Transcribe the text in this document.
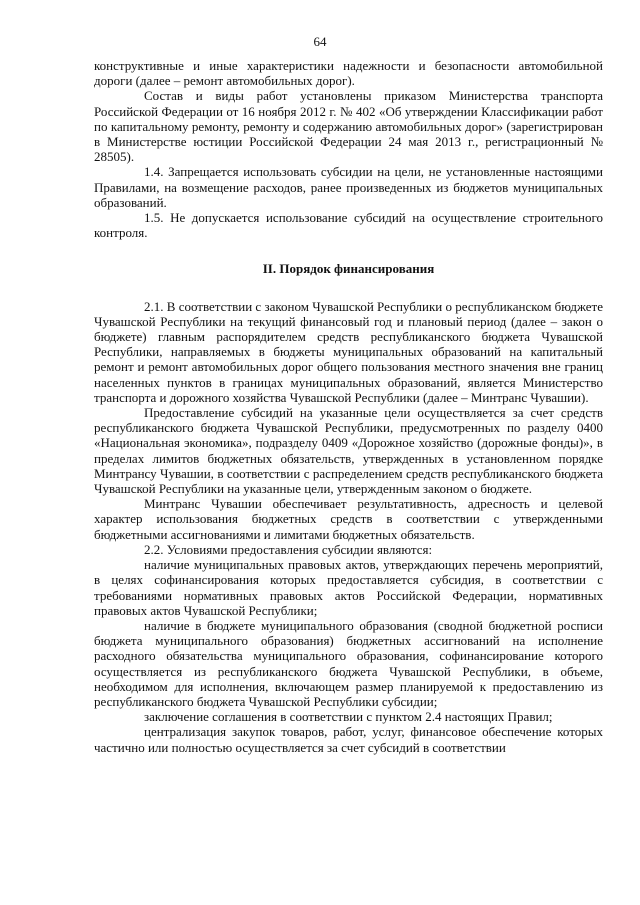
64

конструктивные и иные характеристики надежности и безопасности автомобильной дороги (далее – ремонт автомобильных дорог).

Состав и виды работ установлены приказом Министерства транспорта Российской Федерации от 16 ноября 2012 г. № 402 «Об утверждении Классификации работ по капитальному ремонту, ремонту и содержанию автомобильных дорог» (зарегистрирован в Министерстве юстиции Российской Федерации 24 мая 2013 г., регистрационный № 28505).

1.4. Запрещается использовать субсидии на цели, не установленные настоящими Правилами, на возмещение расходов, ранее произведенных из бюджетов муниципальных образований.

1.5. Не допускается использование субсидий на осуществление строительного контроля.

II. Порядок финансирования

2.1. В соответствии с законом Чувашской Республики о республиканском бюджете Чувашской Республики на текущий финансовый год и плановый период (далее – закон о бюджете) главным распорядителем средств республиканского бюджета Чувашской Республики, направляемых в бюджеты муниципальных образований на капитальный ремонт и ремонт автомобильных дорог общего пользования местного значения вне границ населенных пунктов в границах муниципальных образований, является Министерство транспорта и дорожного хозяйства Чувашской Республики (далее – Минтранс Чувашии).

Предоставление субсидий на указанные цели осуществляется за счет средств республиканского бюджета Чувашской Республики, предусмотренных по разделу 0400 «Национальная экономика», подразделу 0409 «Дорожное хозяйство (дорожные фонды)», в пределах лимитов бюджетных обязательств, утвержденных в установленном порядке Минтрансу Чувашии, в соответствии с распределением средств республиканского бюджета Чувашской Республики на указанные цели, утвержденным законом о бюджете.

Минтранс Чувашии обеспечивает результативность, адресность и целевой характер использования бюджетных средств в соответствии с утвержденными бюджетными ассигнованиями и лимитами бюджетных обязательств.

2.2. Условиями предоставления субсидии являются:

наличие муниципальных правовых актов, утверждающих перечень мероприятий, в целях софинансирования которых предоставляется субсидия, в соответствии с требованиями нормативных правовых актов Российской Федерации, нормативных правовых актов Чувашской Республики;

наличие в бюджете муниципального образования (сводной бюджетной росписи бюджета муниципального образования) бюджетных ассигнований на исполнение расходного обязательства муниципального образования, софинансирование которого осуществляется из республиканского бюджета Чувашской Республики, в объеме, необходимом для исполнения, включающем размер планируемой к предоставлению из республиканского бюджета Чувашской Республики субсидии;

заключение соглашения в соответствии с пунктом 2.4 настоящих Правил;

централизация закупок товаров, работ, услуг, финансовое обеспечение которых частично или полностью осуществляется за счет субсидий в соответствии
